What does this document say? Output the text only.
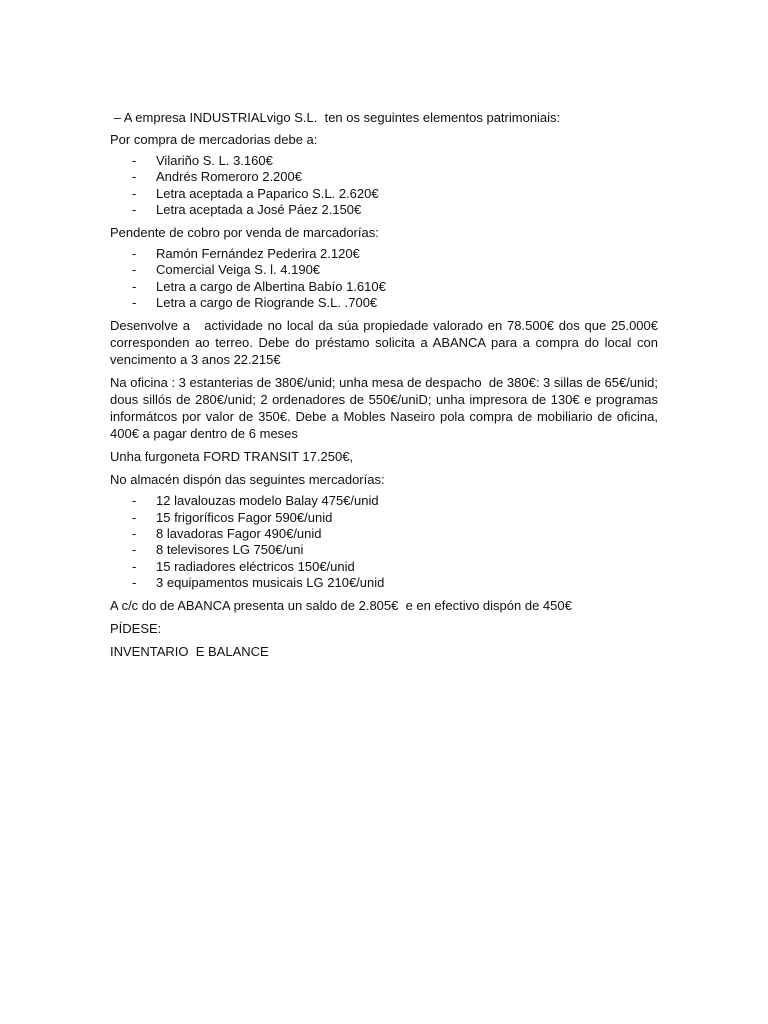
– A empresa INDUSTRIALvigo S.L.  ten os seguintes elementos patrimoniais:

Por compra de mercadorias debe a:

- Vilariño S. L. 3.160€
- Andrés Romeroro 2.200€
- Letra aceptada a Paparico S.L. 2.620€
- Letra aceptada a José Páez 2.150€

Pendente de cobro por venda de marcadorías:

- Ramón Fernández Pederira 2.120€
- Comercial Veiga S. l. 4.190€
- Letra a cargo de Albertina Babío 1.610€
- Letra a cargo de Riogrande S.L. .700€

Desenvolve a   actividade no local da súa propiedade valorado en 78.500€ dos que 25.000€ corresponden ao terreo. Debe do préstamo solicita a ABANCA para a compra do local con vencimento a 3 anos 22.215€

Na oficina : 3 estanterias de 380€/unid; unha mesa de despacho  de 380€: 3 sillas de 65€/unid; dous sillós de 280€/unid; 2 ordenadores de 550€/uniD; unha impresora de 130€ e programas informátcos por valor de 350€. Debe a Mobles Naseiro pola compra de mobiliario de oficina, 400€ a pagar dentro de 6 meses

Unha furgoneta FORD TRANSIT 17.250€,

No almacén dispón das seguintes mercadorías:

- 12 lavalouzas modelo Balay 475€/unid
- 15 frigoríficos Fagor 590€/unid
- 8 lavadoras Fagor 490€/unid
- 8 televisores LG 750€/uni
- 15 radiadores eléctricos 150€/unid
- 3 equipamentos musicais LG 210€/unid

A c/c do de ABANCA presenta un saldo de 2.805€  e en efectivo dispón de 450€

PÍDESE:

INVENTARIO  E BALANCE
